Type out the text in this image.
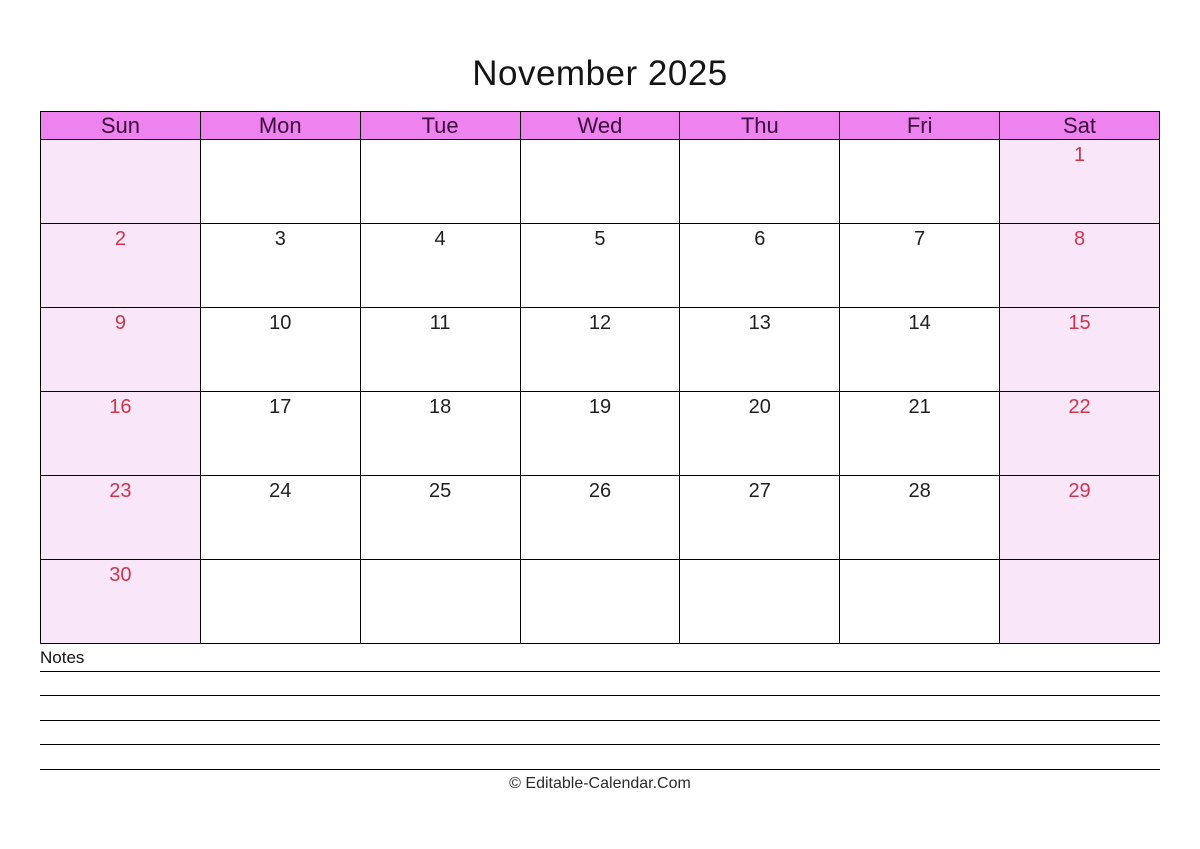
November 2025
Sun	Mon	Tue	Wed	Thu	Fri	Sat
						1
2	3	4	5	6	7	8
9	10	11	12	13	14	15
16	17	18	19	20	21	22
23	24	25	26	27	28	29
30						
Notes
© Editable-Calendar.Com
